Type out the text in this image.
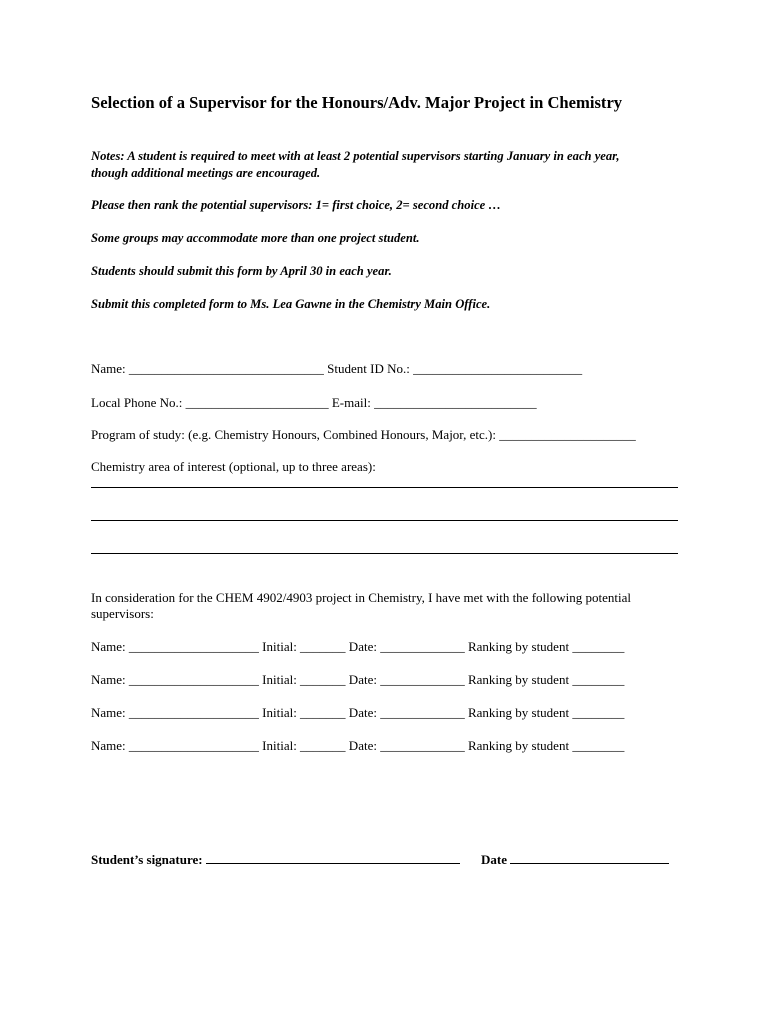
Selection of a Supervisor for the Honours/Adv. Major Project in Chemistry
Notes: A student is required to meet with at least 2 potential supervisors starting January in each year,
though additional meetings are encouraged.
Please then rank the potential supervisors: 1= first choice, 2= second choice …
Some groups may accommodate more than one project student.
Students should submit this form by April 30 in each year.
Submit this completed form to Ms. Lea Gawne in the Chemistry Main Office.
Name: ______________________________ Student ID No.: __________________________
Local Phone No.: ______________________ E-mail: _________________________
Program of study: (e.g. Chemistry Honours, Combined Honours, Major, etc.): _____________________
Chemistry area of interest (optional, up to three areas):
In consideration for the CHEM 4902/4903 project in Chemistry, I have met with the following potential
supervisors:
Name: ____________________ Initial: _______ Date: _____________ Ranking by student ________
Name: ____________________ Initial: _______ Date: _____________ Ranking by student ________
Name: ____________________ Initial: _______ Date: _____________ Ranking by student ________
Name: ____________________ Initial: _______ Date: _____________ Ranking by student ________
Student’s signature:	Date
